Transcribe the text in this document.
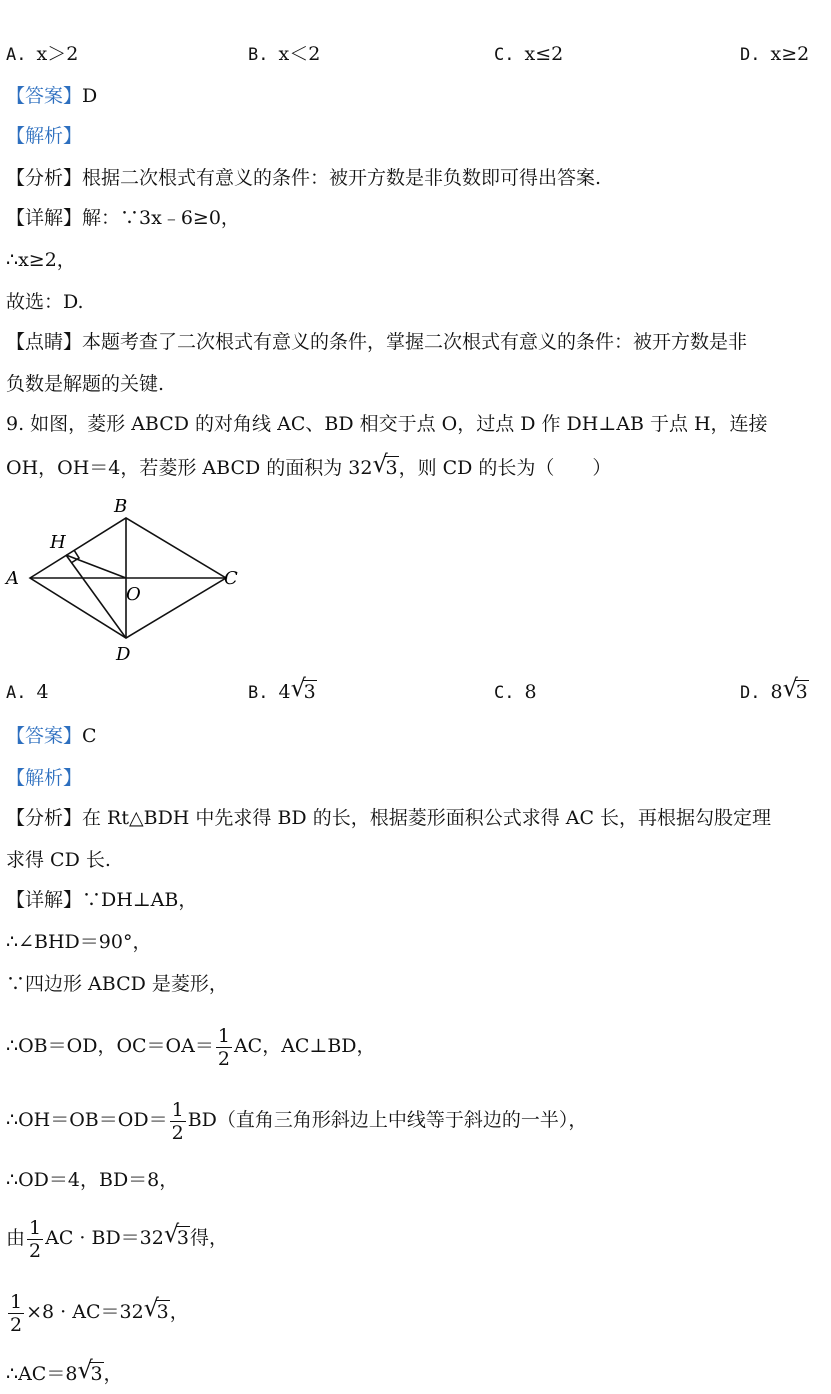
A. x＞2	B. x＜2	C. x≤2	D. x≥2
【答案】D
【解析】
【分析】根据二次根式有意义的条件：被开方数是非负数即可得出答案.
【详解】解：∵3x﹣6≥0，
∴x≥2，
故选：D.
【点睛】本题考查了二次根式有意义的条件，掌握二次根式有意义的条件：被开方数是非
负数是解题的关键.
9. 如图，菱形 ABCD 的对角线 AC、BD 相交于点 O，过点 D 作 DH⊥AB 于点 H，连接
OH，OH＝4，若菱形 ABCD 的面积为 32√ 3，则 CD 的长为（　　）
A
B
C
D
H
O
A. 4	B. 4√ 3	C. 8	D. 8√ 3
【答案】C
【解析】
【分析】在 Rt△BDH 中先求得 BD 的长，根据菱形面积公式求得 AC 长，再根据勾股定理
求得 CD 长.
【详解】∵DH⊥AB，
∴∠BHD＝90°，
∵四边形 ABCD 是菱形，
∴OB＝OD，$OC=OA= \frac{1}{2}$ AC，AC⊥BD，
∴OH＝OB＝OD＝ $\frac{1}{2} BD$（直角三角形斜边上中线等于斜边的一半），
∴OD＝4，BD＝8，
由 $\frac{1}{2}$ AC · BD＝32√ 3得，
$\frac{1}{2} \times 8 \cdot AC=32√$ 3，
∴AC＝8√ 3，
